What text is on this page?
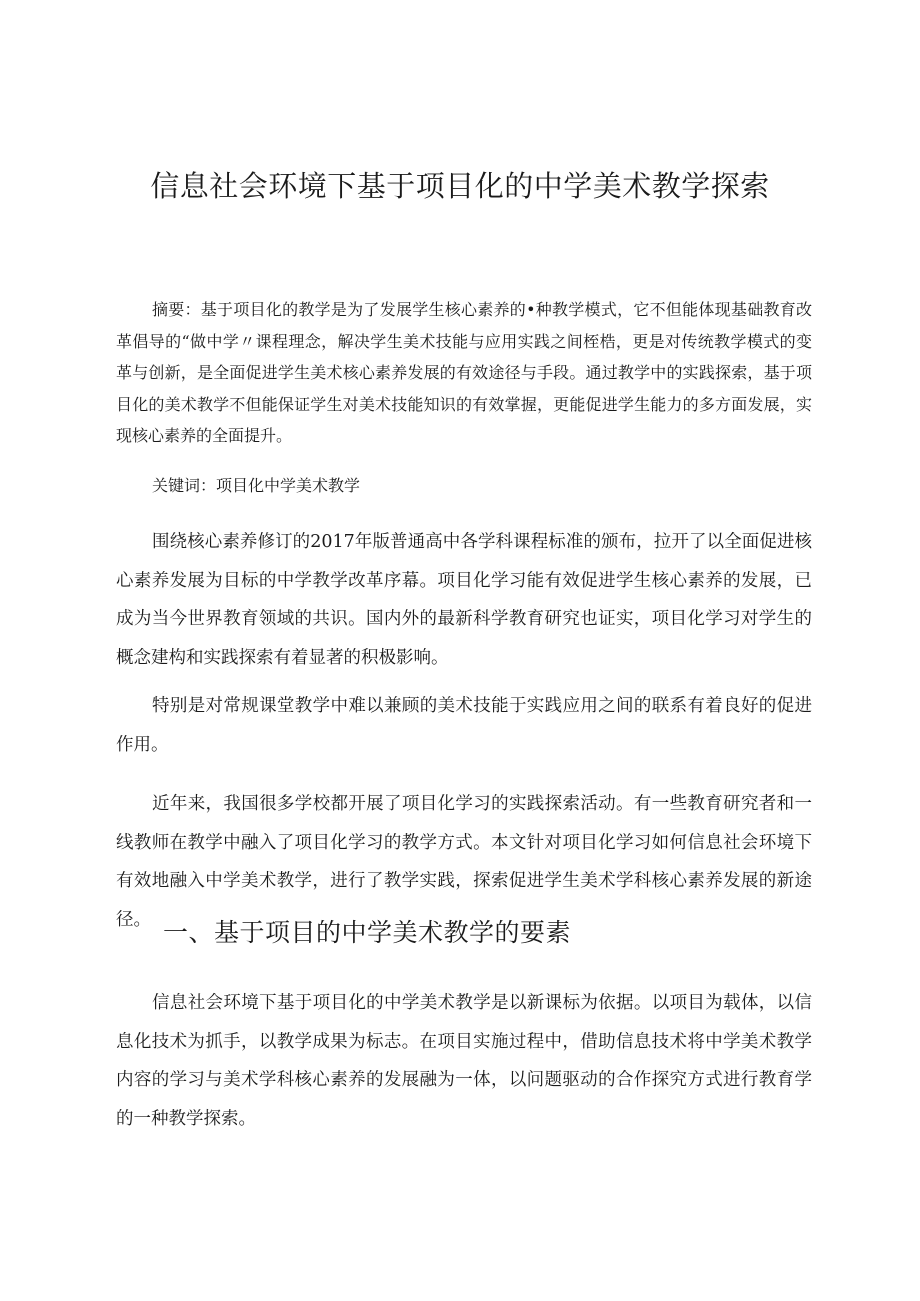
信息社会环境下基于项目化的中学美术教学探索

摘要：基于项目化的教学是为了发展学生核心素养的•种教学模式，它不但能体现基础教育改革倡导的“做中学〃课程理念，解决学生美术技能与应用实践之间桎梏，更是对传统教学模式的变革与创新，是全面促进学生美术核心素养发展的有效途径与手段。通过教学中的实践探索，基于项目化的美术教学不但能保证学生对美术技能知识的有效掌握，更能促进学生能力的多方面发展，实现核心素养的全面提升。

关键词：项目化中学美术教学

围绕核心素养修订的2017年版普通高中各学科课程标准的颁布，拉开了以全面促进核心素养发展为目标的中学教学改革序幕。项目化学习能有效促进学生核心素养的发展，已成为当今世界教育领域的共识。国内外的最新科学教育研究也证实，项目化学习对学生的概念建构和实践探索有着显著的积极影响。

特别是对常规课堂教学中难以兼顾的美术技能于实践应用之间的联系有着良好的促进作用。

近年来，我国很多学校都开展了项目化学习的实践探索活动。有一些教育研究者和一线教师在教学中融入了项目化学习的教学方式。本文针对项目化学习如何信息社会环境下有效地融入中学美术教学，进行了教学实践，探索促进学生美术学科核心素养发展的新途径。 一、基于项目的中学美术教学的要素

信息社会环境下基于项目化的中学美术教学是以新课标为依据。以项目为载体，以信息化技术为抓手，以教学成果为标志。在项目实施过程中，借助信息技术将中学美术教学内容的学习与美术学科核心素养的发展融为一体，以问题驱动的合作探究方式进行教育学的一种教学探索。
